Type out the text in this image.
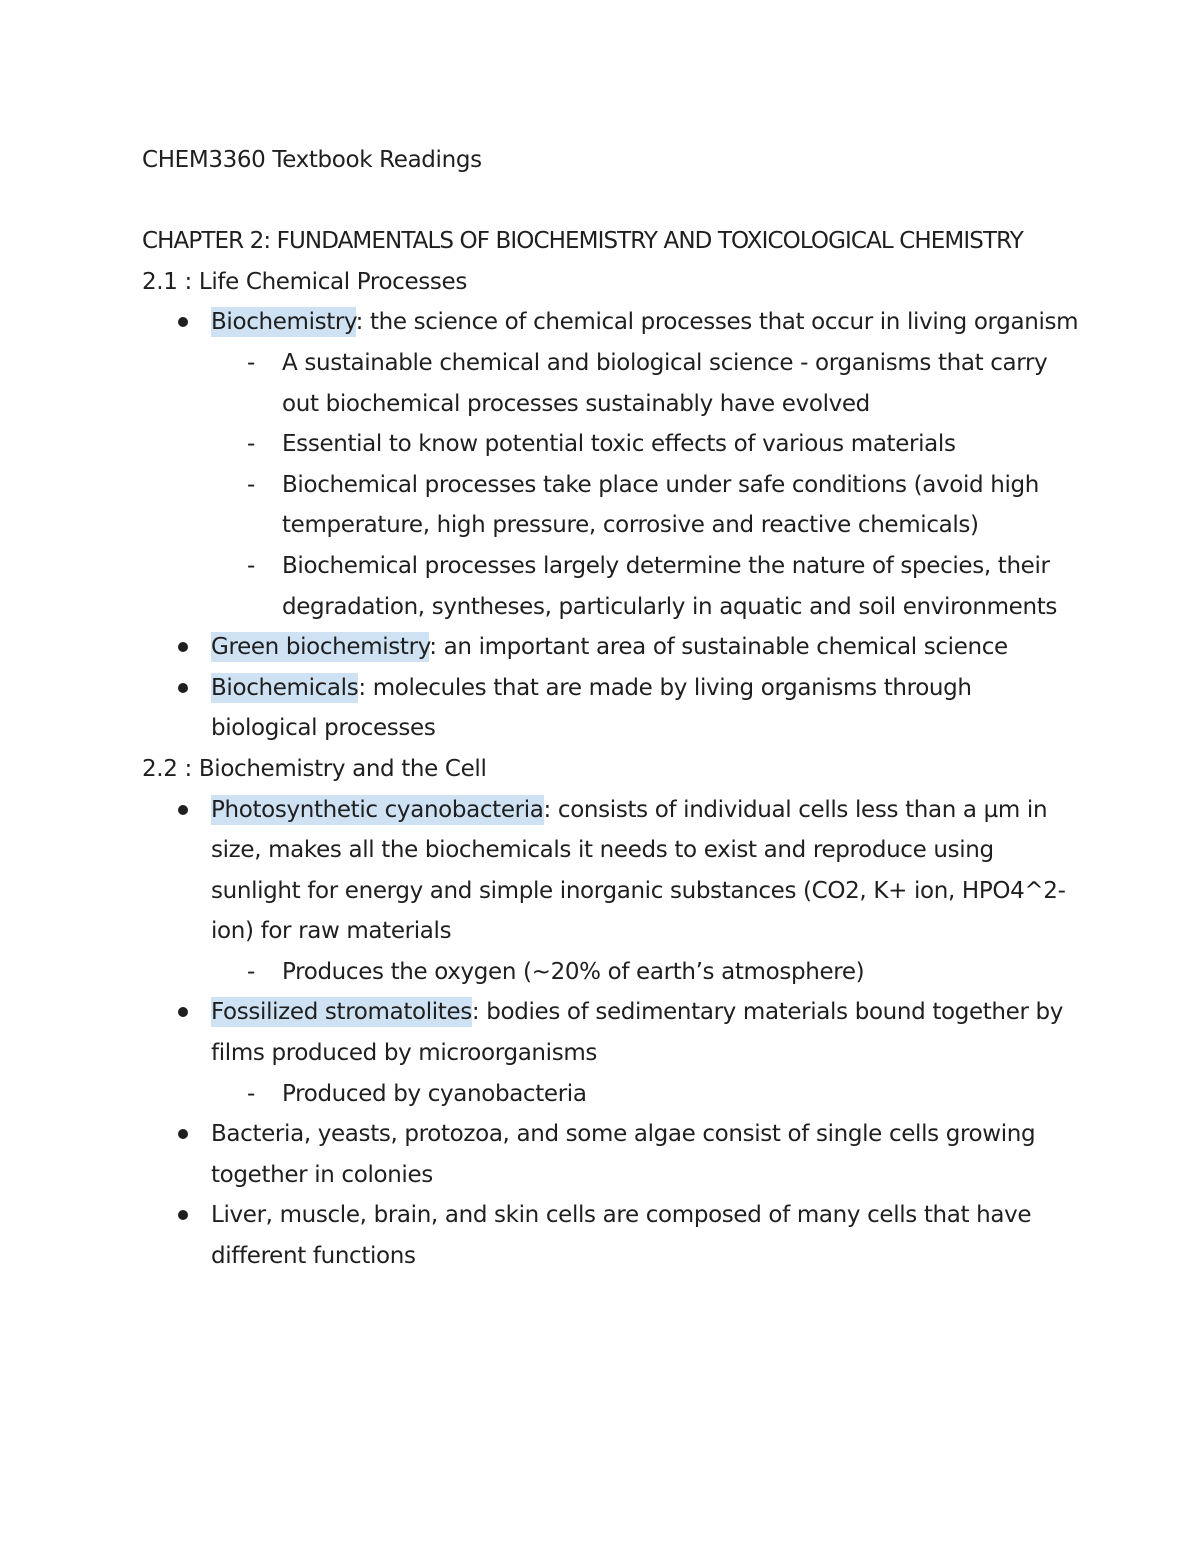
CHEM3360 Textbook Readings

CHAPTER 2: FUNDAMENTALS OF BIOCHEMISTRY AND TOXICOLOGICAL CHEMISTRY

2.1 : Life Chemical Processes

Biochemistry: the science of chemical processes that occur in living organism
- A sustainable chemical and biological science - organisms that carry out biochemical processes sustainably have evolved
- Essential to know potential toxic effects of various materials
- Biochemical processes take place under safe conditions (avoid high temperature, high pressure, corrosive and reactive chemicals)
- Biochemical processes largely determine the nature of species, their degradation, syntheses, particularly in aquatic and soil environments
Green biochemistry: an important area of sustainable chemical science
Biochemicals: molecules that are made by living organisms through biological processes

2.2 : Biochemistry and the Cell

Photosynthetic cyanobacteria: consists of individual cells less than a µm in size, makes all the biochemicals it needs to exist and reproduce using sunlight for energy and simple inorganic substances (CO2, K+ ion, HPO4^2- ion) for raw materials
- Produces the oxygen (~20% of earth’s atmosphere)
Fossilized stromatolites: bodies of sedimentary materials bound together by films produced by microorganisms
- Produced by cyanobacteria
Bacteria, yeasts, protozoa, and some algae consist of single cells growing together in colonies
Liver, muscle, brain, and skin cells are composed of many cells that have different functions
